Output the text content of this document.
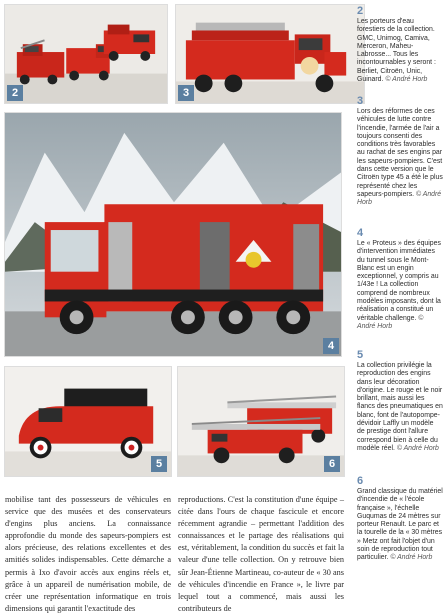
2	3
4
5	6
2
Les porteurs d'eau forestiers de la collection. GMC, Unimog, Camiva, Merceron, Maheu-Labrosse... Tous les incontournables y seront : Berliet, Citroën, Unic, Guinard. © André Horb
3
Lors des réformes de ces véhicules de lutte contre l'incendie, l'armée de l'air a toujours consenti des conditions très favorables au rachat de ses engins par les sapeurs-pompiers. C'est dans cette version que le Citroën type 45 a été le plus représenté chez les sapeurs-pompiers. © André Horb
4
Le « Proteus » des équipes d'intervention immédiates du tunnel sous le Mont-Blanc est un engin exceptionnel, y compris au 1/43e ! La collection comprend de nombreux modèles imposants, dont la réalisation a constitué un véritable challenge. © André Horb
5
La collection privilégie la reproduction des engins dans leur décoration d'origine. Le rouge et le noir brillant, mais aussi les flancs des pneumatiques en blanc, font de l'autopompe-dévidoir Laffly un modèle de prestige dont l'allure correspond bien à celle du modèle réel. © André Horb
6
Grand classique du matériel d'incendie de « l'école française », l'échelle Guqumas de 24 mètres sur porteur Renault. Le parc et la tourelle de la « 30 mètres » Metz ont fait l'objet d'un soin de reproduction tout particulier. © André Horb
mobilise tant des possesseurs de véhicules en service que des musées et des conservateurs d'engins plus anciens. La connaissance approfondie du monde des sapeurs-pompiers est alors précieuse, des relations excellentes et des amitiés solides indispensables. Cette démarche a permis à Ixo d'avoir accès aux engins réels et, grâce à un appareil de numérisation mobile, de créer une représentation informatique en trois dimensions qui garantit l'exactitude des
reproductions. C'est la constitution d'une équipe – citée dans l'ours de chaque fascicule et encore récemment agrandie – permettant l'addition des connaissances et le partage des réalisations qui est, véritablement, la condition du succès et fait la valeur d'une telle collection. On y retrouve bien sûr Jean-Étienne Martineau, co-auteur de « 30 ans de véhicules d'incendie en France », le livre par lequel tout a commencé, mais aussi les contributeurs de
